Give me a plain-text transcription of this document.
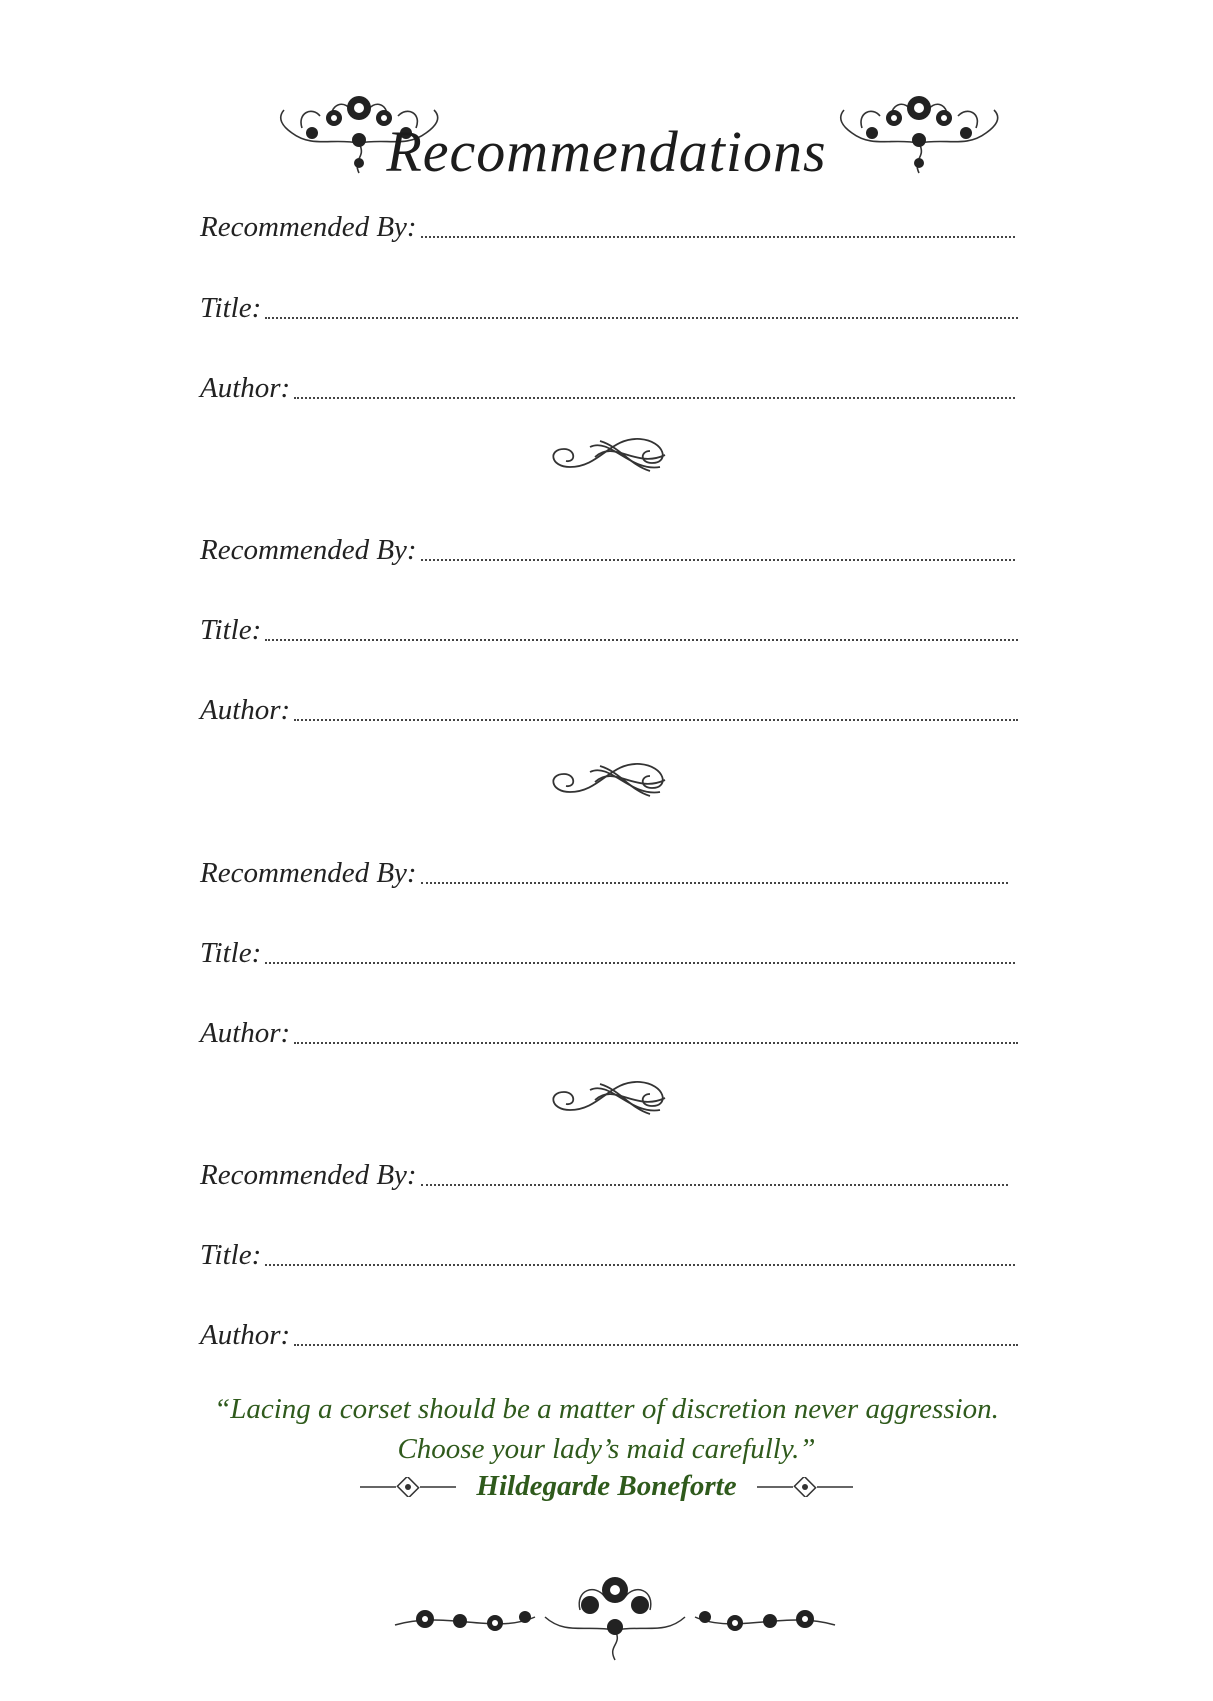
Recommendations
Recommended By:
Title:
Author:
Recommended By:
Title:
Author:
Recommended By:
Title:
Author:
Recommended By:
Title:
Author:
“Lacing a corset should be a matter of discretion never aggression.
Choose your lady’s maid carefully.”
Hildegarde Boneforte
